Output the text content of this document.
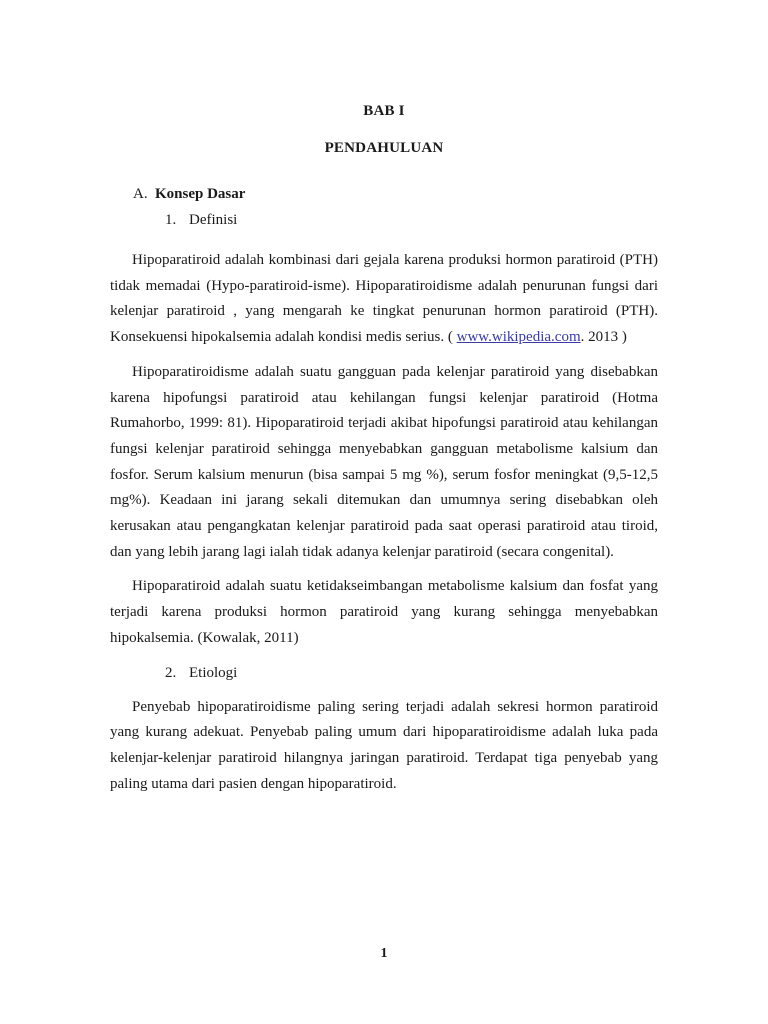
BAB I
PENDAHULUAN
A. Konsep Dasar
1. Definisi

Hipoparatiroid adalah kombinasi dari gejala karena produksi hormon paratiroid (PTH) tidak memadai (Hypo-paratiroid-isme). Hipoparatiroidisme adalah penurunan fungsi dari kelenjar paratiroid , yang mengarah ke tingkat penurunan hormon paratiroid (PTH). Konsekuensi hipokalsemia adalah kondisi medis serius. ( www.wikipedia.com. 2013 )

Hipoparatiroidisme adalah suatu gangguan pada kelenjar paratiroid yang disebabkan karena hipofungsi paratiroid atau kehilangan fungsi kelenjar paratiroid (Hotma Rumahorbo, 1999: 81). Hipoparatiroid terjadi akibat hipofungsi paratiroid atau kehilangan fungsi kelenjar paratiroid sehingga menyebabkan gangguan metabolisme kalsium dan fosfor. Serum kalsium menurun (bisa sampai 5 mg %), serum fosfor meningkat (9,5-12,5 mg%). Keadaan ini jarang sekali ditemukan dan umumnya sering disebabkan oleh kerusakan atau pengangkatan kelenjar paratiroid pada saat operasi paratiroid atau tiroid, dan yang lebih jarang lagi ialah tidak adanya kelenjar paratiroid (secara congenital).

Hipoparatiroid adalah suatu ketidakseimbangan metabolisme kalsium dan fosfat yang terjadi karena produksi hormon paratiroid yang kurang sehingga menyebabkan hipokalsemia. (Kowalak, 2011)

2. Etiologi

Penyebab hipoparatiroidisme paling sering terjadi adalah sekresi hormon paratiroid yang kurang adekuat. Penyebab paling umum dari hipoparatiroidisme adalah luka pada kelenjar-kelenjar paratiroid hilangnya jaringan paratiroid. Terdapat tiga penyebab yang paling utama dari pasien dengan hipoparatiroid.

1
